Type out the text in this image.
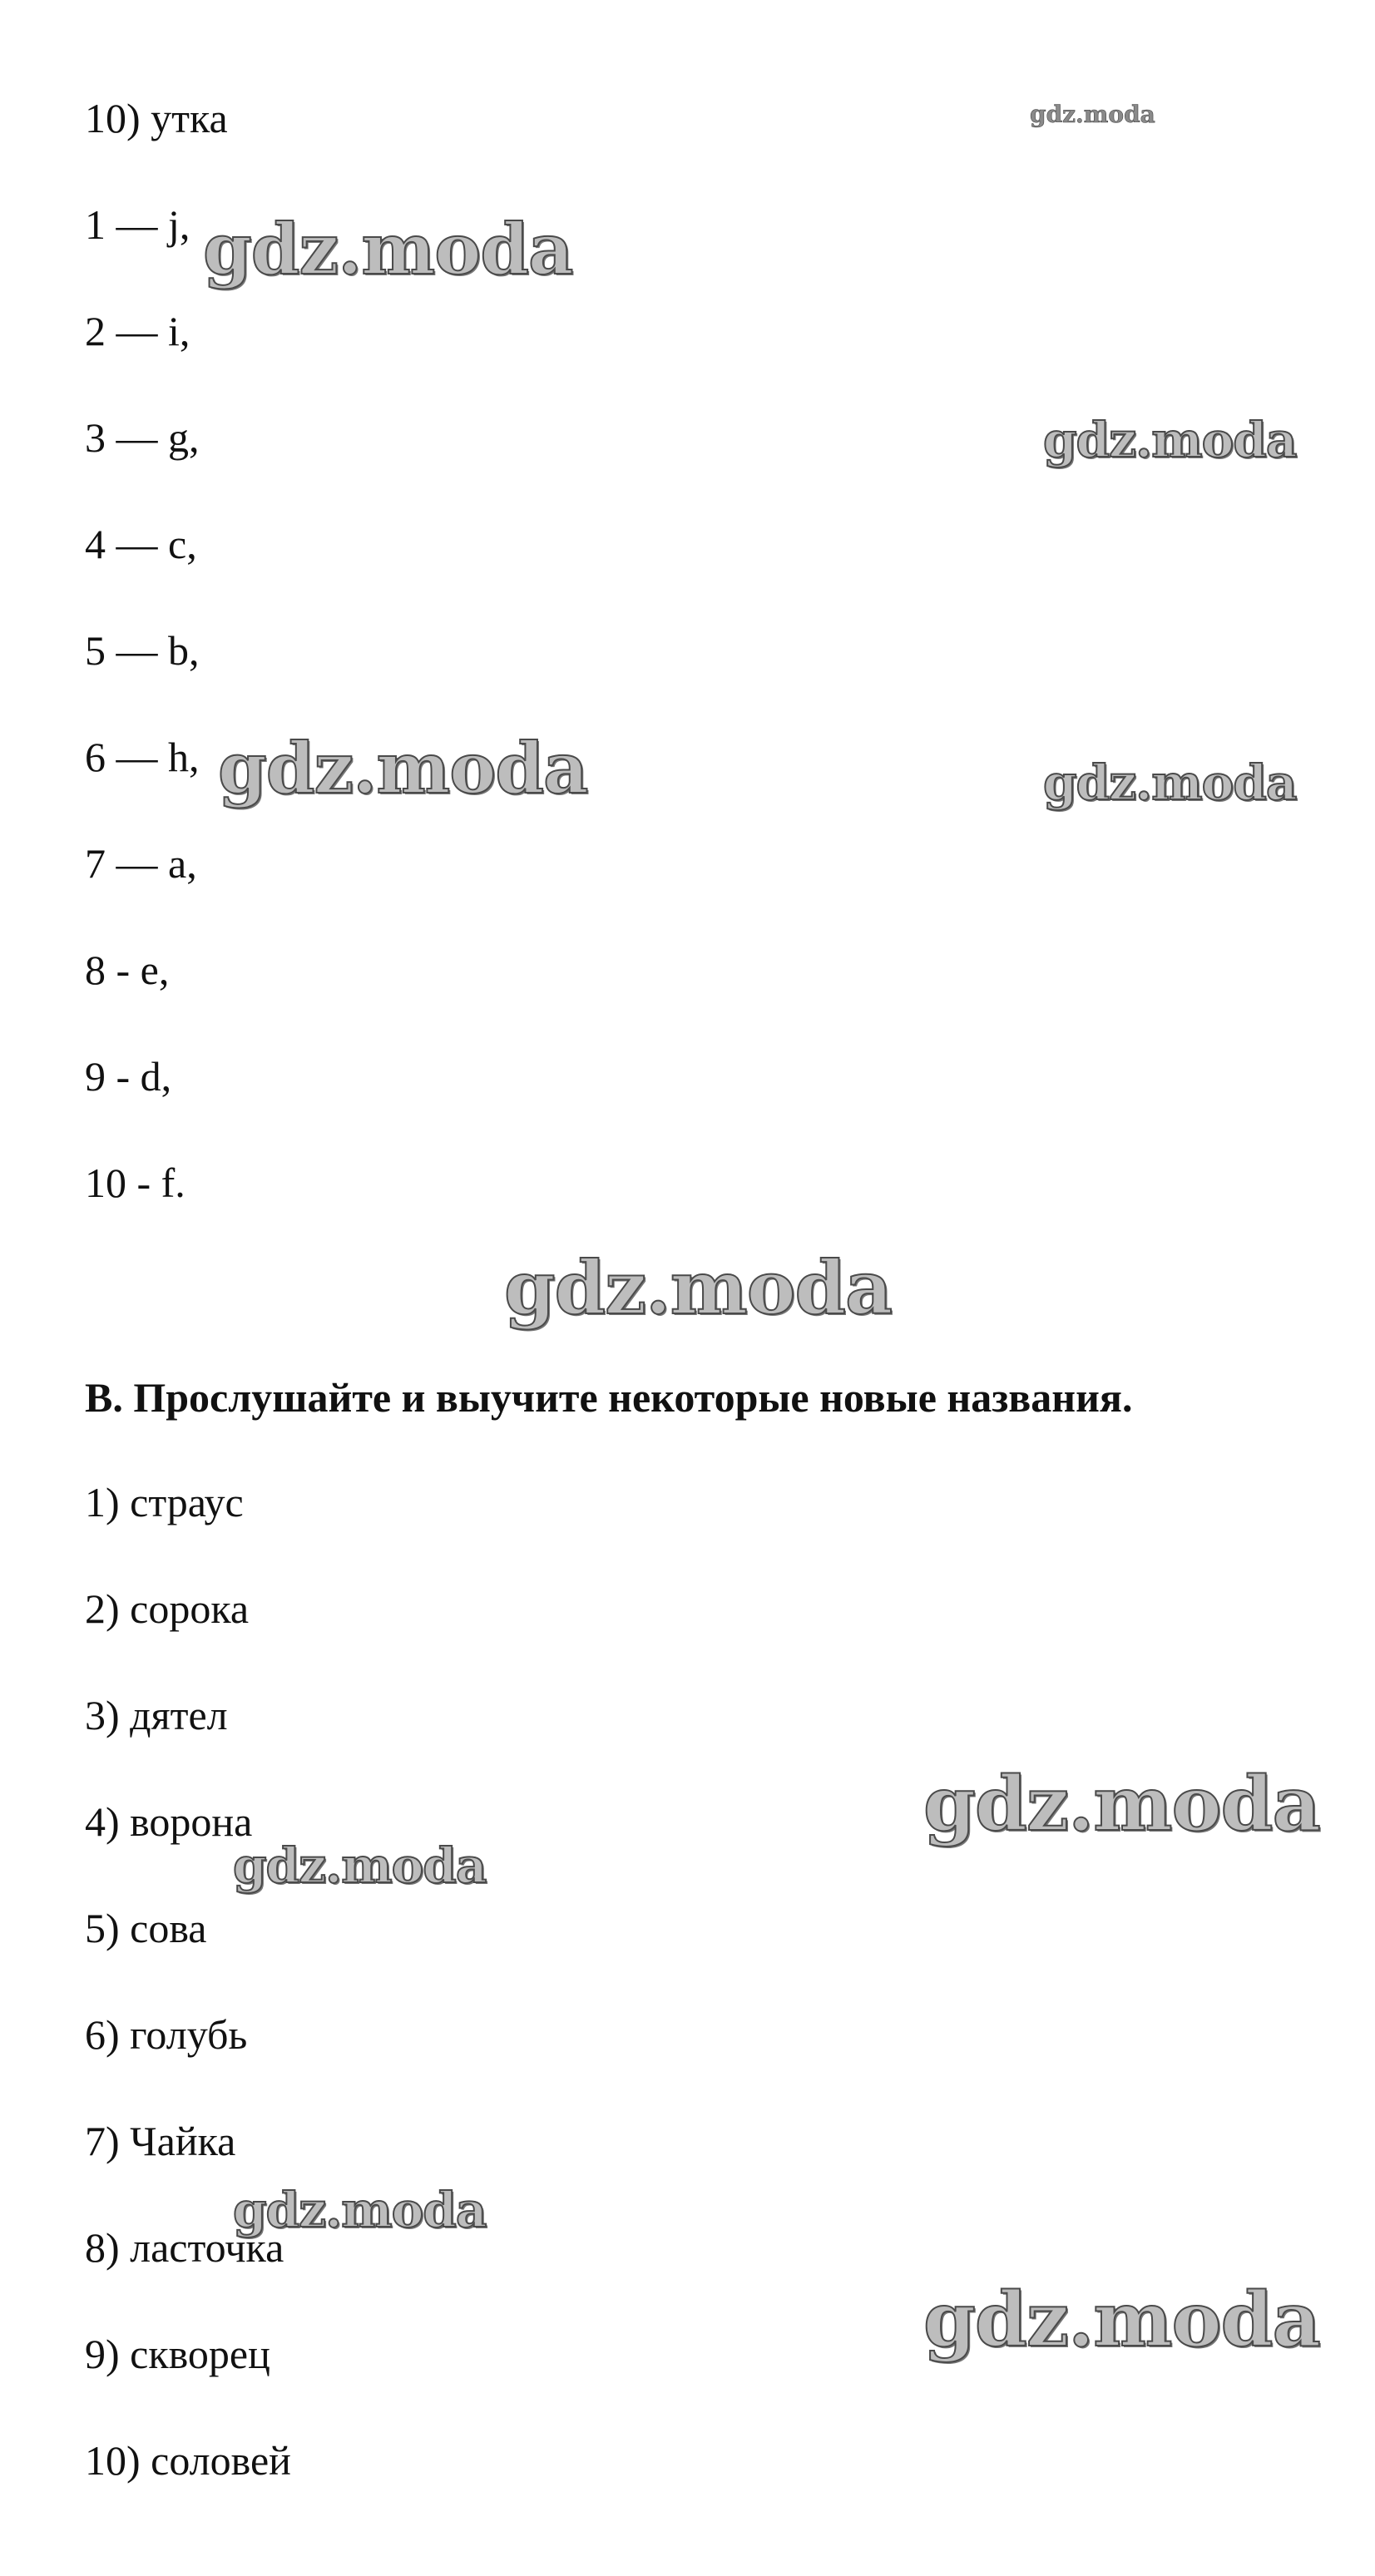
10) утка

1 — j,

2 — i,

3 — g,

4 — c,

5 — b,

6 — h,

7 — a,

8 - e,

9 - d,

10 - f.

B. Прослушайте и выучите некоторые новые названия.

1) страус

2) сорока

3) дятел

4) ворона

5) сова

6) голубь

7) Чайка

8) ласточка

9) скворец

10) соловей

gdz.moda
gdz.moda
gdz.moda
gdz.moda	gdz.moda
gdz.moda
gdz.moda
gdz.moda
gdz.moda
gdz.moda
